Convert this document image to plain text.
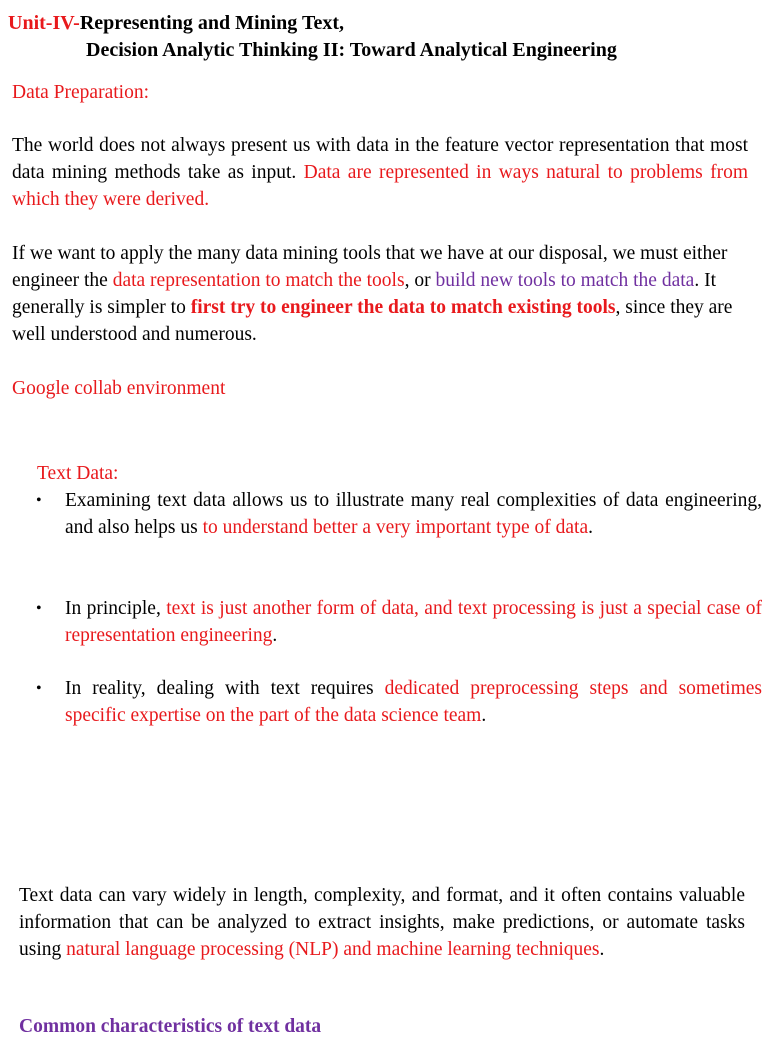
Unit-IV-Representing and Mining Text,
Decision Analytic Thinking II: Toward Analytical Engineering
Data Preparation:

The world does not always present us with data in the feature vector representation that most data mining methods take as input. Data are represented in ways natural to problems from which they were derived.

If we want to apply the many data mining tools that we have at our disposal, we must either engineer the data representation to match the tools, or build new tools to match the data. It generally is simpler to first try to engineer the data to match existing tools, since they are well understood and numerous.

Google collab environment
Text Data:
•	Examining text data allows us to illustrate many real complexities of data engineering, and also helps us to understand better a very important type of data.

•	In principle, text is just another form of data, and text processing is just a special case of representation engineering.

•	In reality, dealing with text requires dedicated preprocessing steps and sometimes specific expertise on the part of the data science team.

Text data can vary widely in length, complexity, and format, and it often contains valuable information that can be analyzed to extract insights, make predictions, or automate tasks using natural language processing (NLP) and machine learning techniques.

Common characteristics of text data
